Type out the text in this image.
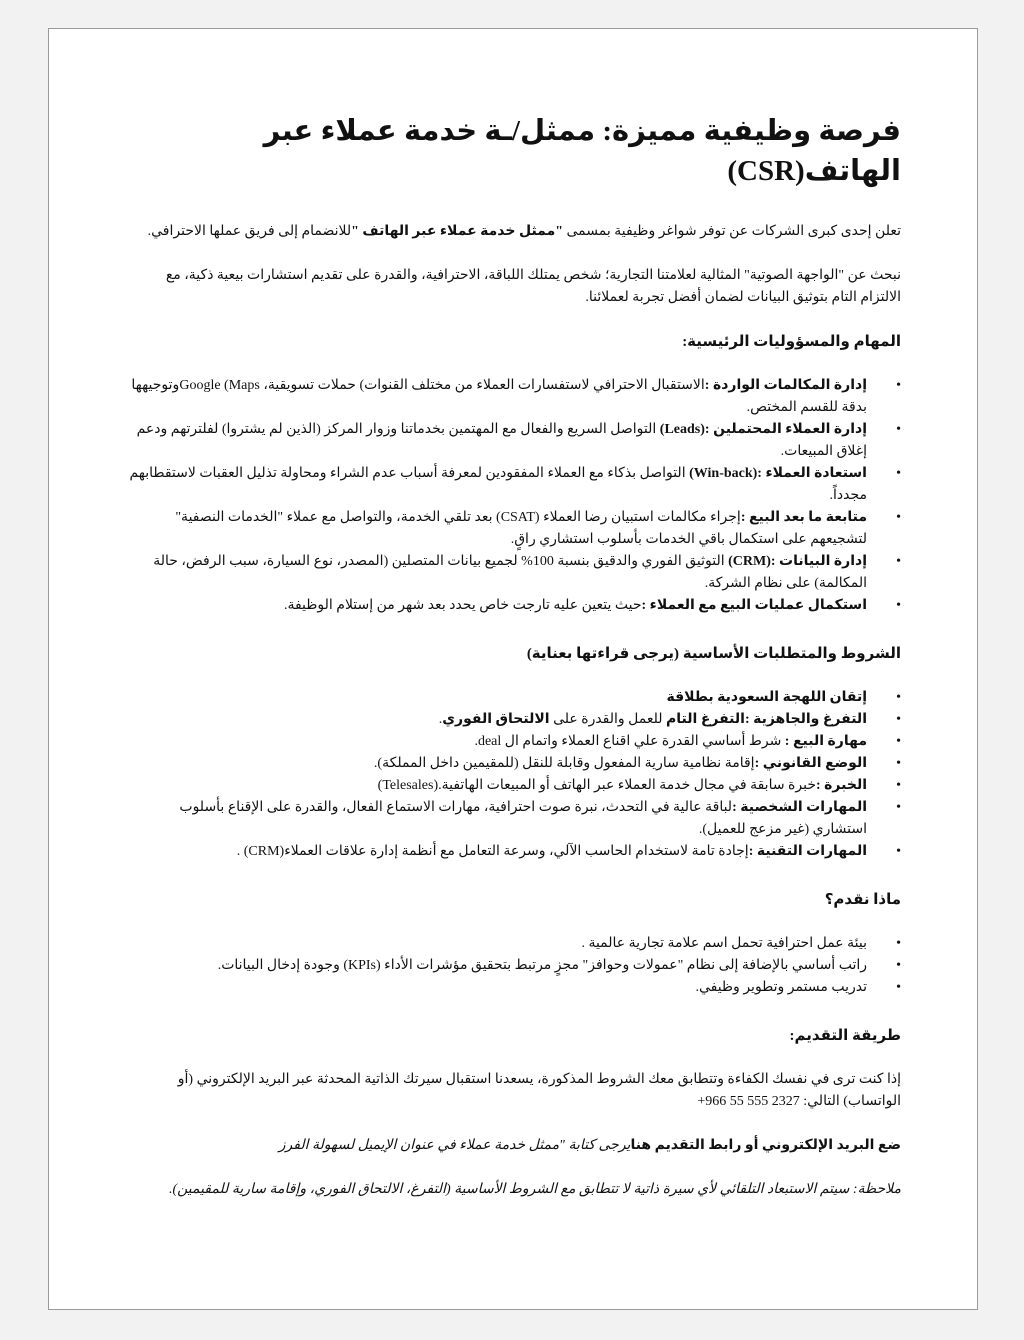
فرصة وظيفية مميزة: ممثل/ـة خدمة عملاء عبر الهاتف(CSR)

تعلن إحدى كبرى الشركات عن توفر شواغر وظيفية بمسمى "ممثل خدمة عملاء عبر الهاتف "للانضمام إلى فريق عملها الاحترافي.

نبحث عن "الواجهة الصوتية" المثالية لعلامتنا التجارية؛ شخص يمتلك اللباقة، الاحترافية، والقدرة على تقديم استشارات بيعية ذكية، مع الالتزام التام بتوثيق البيانات لضمان أفضل تجربة لعملائنا.

المهام والمسؤوليات الرئيسية:
• إدارة المكالمات الواردة :الاستقبال الاحترافي لاستفسارات العملاء من مختلف القنوات) حملات تسويقية، Google (Mapsوتوجيهها بدقة للقسم المختص.
• إدارة العملاء المحتملين :(Leads) التواصل السريع والفعال مع المهتمين بخدماتنا وزوار المركز (الذين لم يشتروا) لفلترتهم ودعم إغلاق المبيعات.
• استعادة العملاء :(Win-back) التواصل بذكاء مع العملاء المفقودين لمعرفة أسباب عدم الشراء ومحاولة تذليل العقبات لاستقطابهم مجدداً.
• متابعة ما بعد البيع :إجراء مكالمات استبيان رضا العملاء (CSAT) بعد تلقي الخدمة، والتواصل مع عملاء "الخدمات النصفية" لتشجيعهم على استكمال باقي الخدمات بأسلوب استشاري راقٍ.
• إدارة البيانات :(CRM) التوثيق الفوري والدقيق بنسبة 100% لجميع بيانات المتصلين (المصدر، نوع السيارة، سبب الرفض، حالة المكالمة) على نظام الشركة.
• استكمال عمليات البيع مع العملاء :حيث يتعين عليه تارجت خاص يحدد بعد شهر من إستلام الوظيفة.
الشروط والمتطلبات الأساسية (يرجى قراءتها بعناية)
• إتقان اللهجة السعودية بطلاقة
• التفرغ والجاهزية :التفرغ التام للعمل والقدرة على الالتحاق الفوري.
• مهارة البيع : شرط أساسي القدرة علي اقناع العملاء واتمام ال deal.
• الوضع القانوني :إقامة نظامية سارية المفعول وقابلة للنقل (للمقيمين داخل المملكة).
• الخبرة :خبرة سابقة في مجال خدمة العملاء عبر الهاتف أو المبيعات الهاتفية.(Telesales)
• المهارات الشخصية :لباقة عالية في التحدث، نبرة صوت احترافية، مهارات الاستماع الفعال، والقدرة على الإقناع بأسلوب استشاري (غير مزعج للعميل).
• المهارات التقنية :إجادة تامة لاستخدام الحاسب الآلي، وسرعة التعامل مع أنظمة إدارة علاقات العملاء(CRM) .
ماذا نقدم؟
• بيئة عمل احترافية تحمل اسم علامة تجارية عالمية .
• راتب أساسي بالإضافة إلى نظام "عمولات وحوافز" مجزٍ مرتبط بتحقيق مؤشرات الأداء (KPIs) وجودة إدخال البيانات.
• تدريب مستمر وتطوير وظيفي.
طريقة التقديم:

إذا كنت ترى في نفسك الكفاءة وتتطابق معك الشروط المذكورة، يسعدنا استقبال سيرتك الذاتية المحدثة عبر البريد الإلكتروني (أو الواتساب) التالي: +966 55 555 2327

ضع البريد الإلكتروني أو رابط التقديم هنايرجى كتابة "ممثل خدمة عملاء في عنوان الإيميل لسهولة الفرز

ملاحظة: سيتم الاستبعاد التلقائي لأي سيرة ذاتية لا تتطابق مع الشروط الأساسية (التفرغ، الالتحاق الفوري، وإقامة سارية للمقيمين).
